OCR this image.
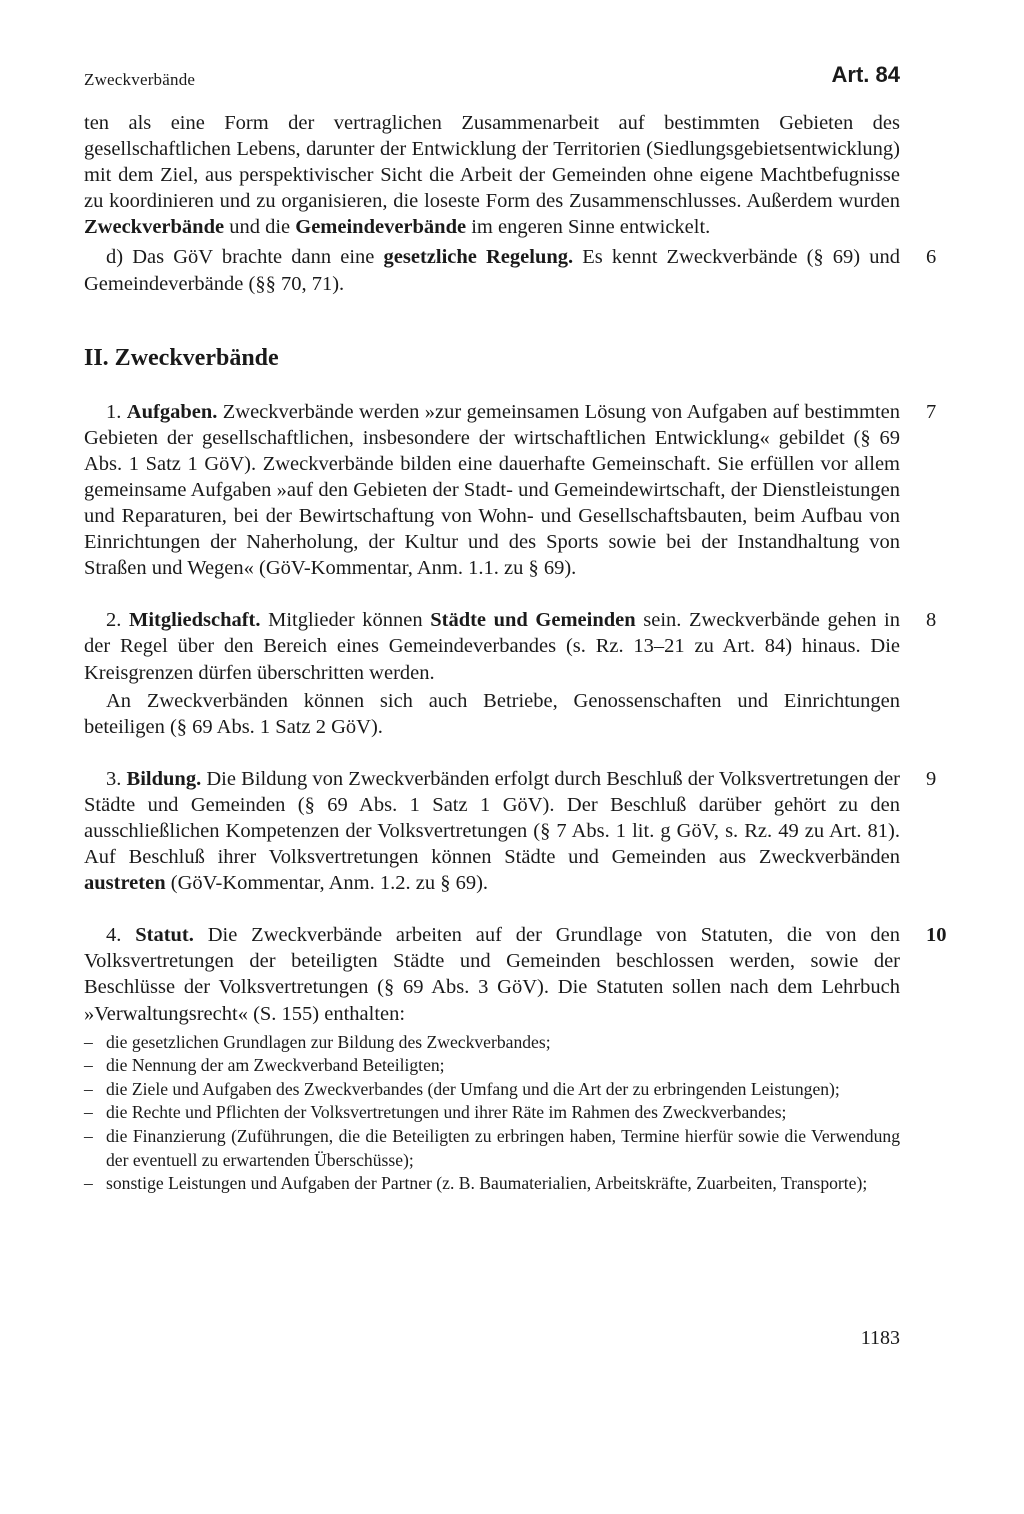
Zweckverbände	Art. 84

ten als eine Form der vertraglichen Zusammenarbeit auf bestimmten Gebieten des gesellschaftlichen Lebens, darunter der Entwicklung der Territorien (Siedlungsgebietsentwicklung) mit dem Ziel, aus perspektivischer Sicht die Arbeit der Gemeinden ohne eigene Machtbefugnisse zu koordinieren und zu organisieren, die loseste Form des Zusammenschlusses. Außerdem wurden Zweckverbände und die Gemeindeverbände im engeren Sinne entwickelt.

d) Das GöV brachte dann eine gesetzliche Regelung. Es kennt Zweckverbände (§ 69) und Gemeindeverbände (§§ 70, 71).

6
II. Zweckverbände

1. Aufgaben. Zweckverbände werden »zur gemeinsamen Lösung von Aufgaben auf bestimmten Gebieten der gesellschaftlichen, insbesondere der wirtschaftlichen Entwicklung« gebildet (§ 69 Abs. 1 Satz 1 GöV). Zweckverbände bilden eine dauerhafte Gemeinschaft. Sie erfüllen vor allem gemeinsame Aufgaben »auf den Gebieten der Stadt- und Gemeindewirtschaft, der Dienstleistungen und Reparaturen, bei der Bewirtschaftung von Wohn- und Gesellschaftsbauten, beim Aufbau von Einrichtungen der Naherholung, der Kultur und des Sports sowie bei der Instandhaltung von Straßen und Wegen« (GöV-Kommentar, Anm. 1.1. zu § 69).

7

2. Mitgliedschaft. Mitglieder können Städte und Gemeinden sein. Zweckverbände gehen in der Regel über den Bereich eines Gemeindeverbandes (s. Rz. 13–21 zu Art. 84) hinaus. Die Kreisgrenzen dürfen überschritten werden.

8

An Zweckverbänden können sich auch Betriebe, Genossenschaften und Einrichtungen beteiligen (§ 69 Abs. 1 Satz 2 GöV).

3. Bildung. Die Bildung von Zweckverbänden erfolgt durch Beschluß der Volksvertretungen der Städte und Gemeinden (§ 69 Abs. 1 Satz 1 GöV). Der Beschluß darüber gehört zu den ausschließlichen Kompetenzen der Volksvertretungen (§ 7 Abs. 1 lit. g GöV, s. Rz. 49 zu Art. 81). Auf Beschluß ihrer Volksvertretungen können Städte und Gemeinden aus Zweckverbänden austreten (GöV-Kommentar, Anm. 1.2. zu § 69).

9

4. Statut. Die Zweckverbände arbeiten auf der Grundlage von Statuten, die von den Volksvertretungen der beteiligten Städte und Gemeinden beschlossen werden, sowie der Beschlüsse der Volksvertretungen (§ 69 Abs. 3 GöV). Die Statuten sollen nach dem Lehrbuch »Verwaltungsrecht« (S. 155) enthalten:

10
– die gesetzlichen Grundlagen zur Bildung des Zweckverbandes;
– die Nennung der am Zweckverband Beteiligten;
– die Ziele und Aufgaben des Zweckverbandes (der Umfang und die Art der zu erbringenden Leistungen);
– die Rechte und Pflichten der Volksvertretungen und ihrer Räte im Rahmen des Zweckverbandes;
– die Finanzierung (Zuführungen, die die Beteiligten zu erbringen haben, Termine hierfür sowie die Verwendung der eventuell zu erwartenden Überschüsse);
– sonstige Leistungen und Aufgaben der Partner (z. B. Baumaterialien, Arbeitskräfte, Zuarbeiten, Transporte);
1183
